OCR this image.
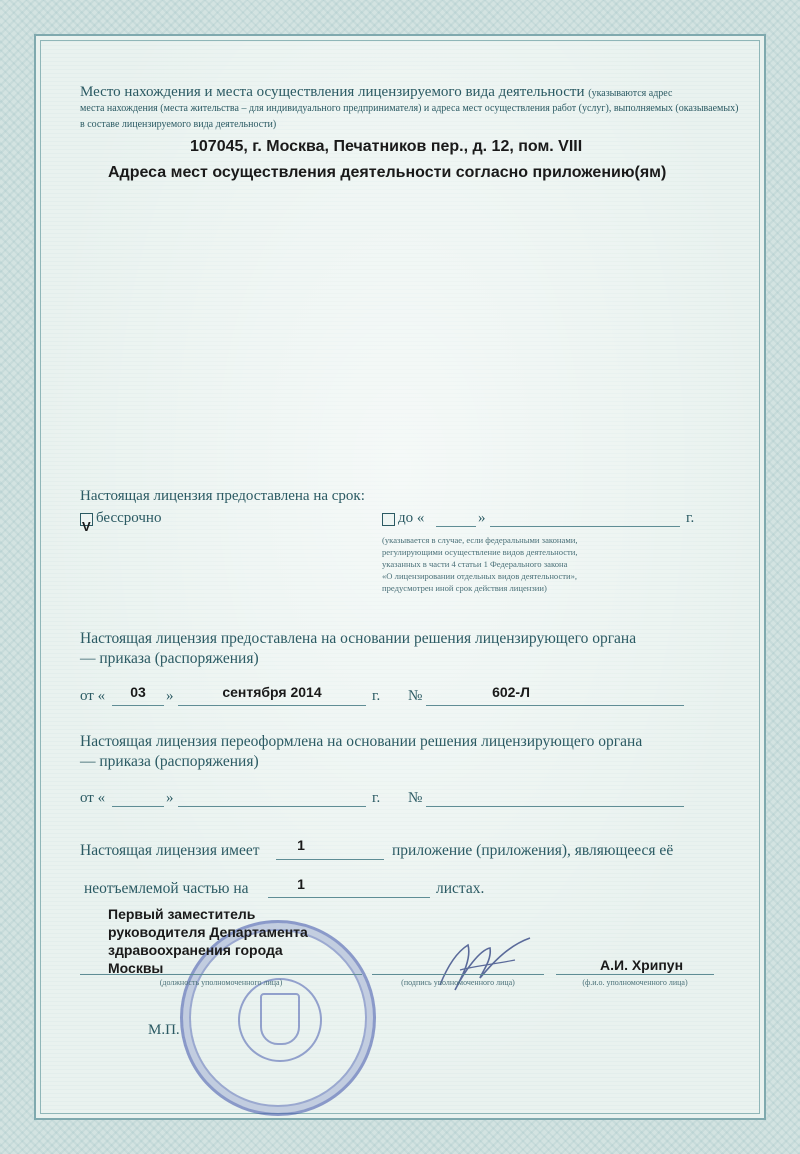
Место нахождения и места осуществления лицензируемого вида деятельности (указываются адрес
места нахождения (места жительства – для индивидуального предпринимателя) и адреса мест осуществления работ (услуг), выполняемых (оказываемых)
в составе лицензируемого вида деятельности)
107045, г. Москва, Печатников пер., д. 12, пом. VIII
Адреса мест осуществления деятельности согласно приложению(ям)
Настоящая лицензия предоставлена на срок:
V
бессрочно	до «	»	г.
(указывается в случае, если федеральными законами,
регулирующими осуществление видов деятельности,
указанных в части 4 статьи 1 Федерального закона
«О лицензировании отдельных видов деятельности»,
предусмотрен иной срок действия лицензии)
Настоящая лицензия предоставлена на основании решения лицензирующего органа
— приказа (распоряжения)
от «	03	»	сентября 2014	г. №	602-Л
Настоящая лицензия переоформлена на основании решения лицензирующего органа
— приказа (распоряжения)
от «	»	г. №
Настоящая лицензия имеет	1	приложение (приложения), являющееся её
неотъемлемой частью на	1	листах.
Первый заместитель
руководителя Департамента
здравоохранения города
Москвы
(должность уполномоченного лица)	(подпись уполномоченного лица)
А.И. Хрипун
(ф.и.о. уполномоченного лица)
М.П.
